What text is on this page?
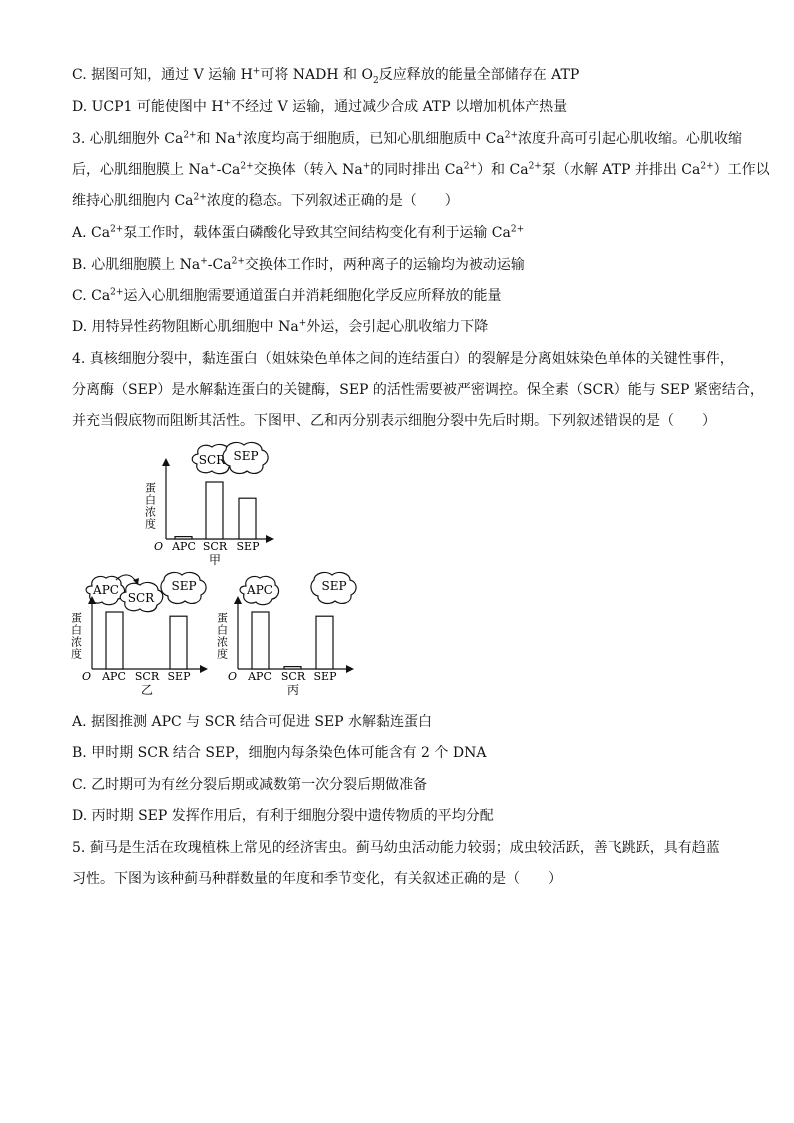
C. 据图可知，通过 V 运输 H+可将 NADH 和 $O_2$反应释放的能量全部储存在 ATP
D. UCP1 可能使图中 H+不经过 V 运输，通过减少合成 ATP 以增加机体产热量
3. 心肌细胞外 $Ca^{2+}$和 Na+浓度均高于细胞质，已知心肌细胞质中 $Ca^{2+}$浓度升高可引起心肌收缩。心肌收缩
后，心肌细胞膜上 $Na^+-Ca^{2+}$交换体（转入 Na+的同时排出 $Ca^{2+}$）和 $Ca^{2+}$泵（水解 ATP 并排出 $Ca^{2+}$）工作以
维持心肌细胞内 $Ca^{2+}$浓度的稳态。下列叙述正确的是（　　）
A. $Ca^{2+}$泵工作时，载体蛋白磷酸化导致其空间结构变化有利于运输 $Ca^{2+}$
B. 心肌细胞膜上 $Na^+-Ca^{2+}$交换体工作时，两种离子的运输均为被动运输
C. $Ca^{2+}$运入心肌细胞需要通道蛋白并消耗细胞化学反应所释放的能量
D. 用特异性药物阻断心肌细胞中 Na+外运，会引起心肌收缩力下降
4. 真核细胞分裂中，黏连蛋白（姐妹染色单体之间的连结蛋白）的裂解是分离姐妹染色单体的关键性事件，
分离酶（SEP）是水解黏连蛋白的关键酶，SEP 的活性需要被严密调控。保全素（SCR）能与 SEP 紧密结合，
并充当假底物而阻断其活性。下图甲、乙和丙分别表示细胞分裂中先后时期。下列叙述错误的是（　　）
SCR SEP
蛋白浓度
O APC SCR SEP
甲
APC
SCR
SEP
蛋白浓度
O APC SCR SEP
乙
APC	SEP
蛋白浓度
O APC SCR SEP
丙
A. 据图推测 APC 与 SCR 结合可促进 SEP 水解黏连蛋白
B. 甲时期 SCR 结合 SEP，细胞内每条染色体可能含有 2 个 DNA
C. 乙时期可为有丝分裂后期或减数第一次分裂后期做准备
D. 丙时期 SEP 发挥作用后，有利于细胞分裂中遗传物质的平均分配
5. 蓟马是生活在玫瑰植株上常见的经济害虫。蓟马幼虫活动能力较弱；成虫较活跃，善飞跳跃，具有趋蓝
习性。下图为该种蓟马种群数量的年度和季节变化，有关叙述正确的是（　　）
